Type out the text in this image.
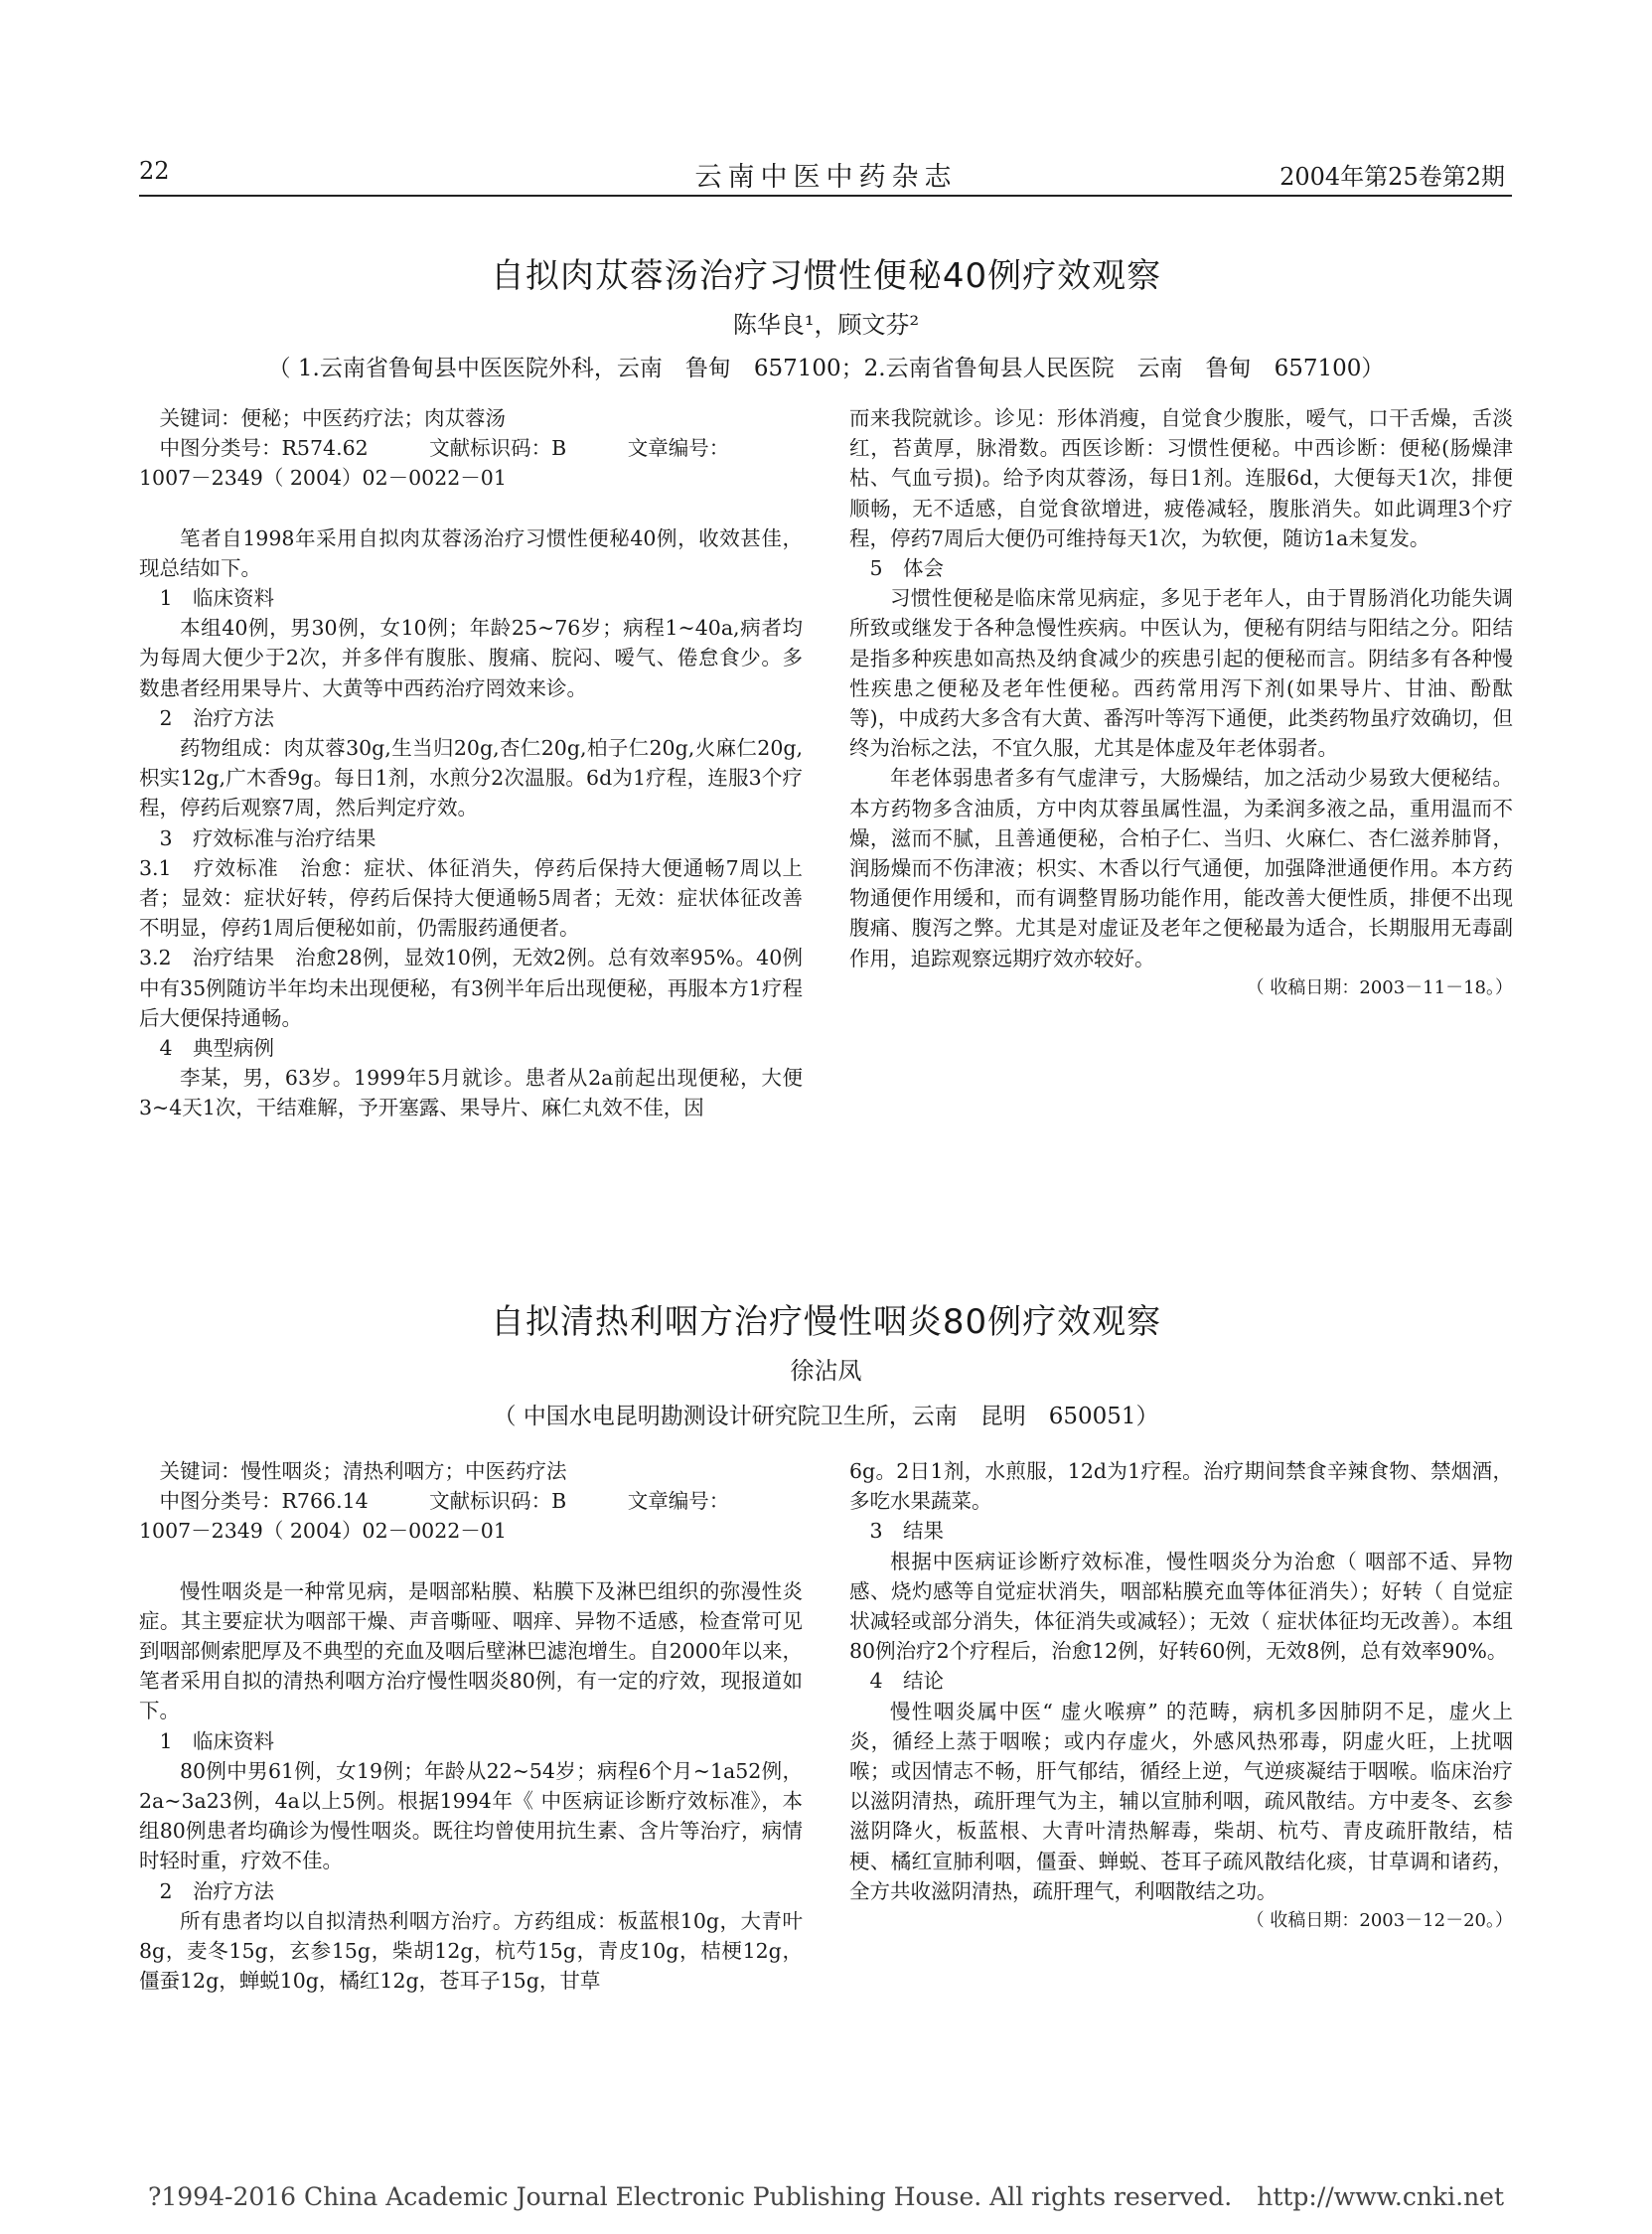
22	云南中医中药杂志	2004年第25卷第2期
自拟肉苁蓉汤治疗习惯性便秘40例疗效观察
陈华良¹，顾文芬²
（ 1.云南省鲁甸县中医医院外科，云南　鲁甸　657100；2.云南省鲁甸县人民医院　云南　鲁甸　657100）

关键词：便秘；中医药疗法；肉苁蓉汤

中图分类号：R574.62　　　文献标识码：B　　　文章编号：

1007－2349（ 2004）02－0022－01

笔者自1998年采用自拟肉苁蓉汤治疗习惯性便秘40例，收效甚佳，现总结如下。

1　临床资料

本组40例，男30例，女10例；年龄25~76岁；病程1~40a,病者均为每周大便少于2次，并多伴有腹胀、腹痛、脘闷、嗳气、倦怠食少。多数患者经用果导片、大黄等中西药治疗罔效来诊。

2　治疗方法

药物组成：肉苁蓉30g,生当归20g,杏仁20g,柏子仁20g,火麻仁20g,枳实12g,广木香9g。每日1剂，水煎分2次温服。6d为1疗程，连服3个疗程，停药后观察7周，然后判定疗效。

3　疗效标准与治疗结果

3.1　疗效标准　治愈：症状、体征消失，停药后保持大便通畅7周以上者；显效：症状好转，停药后保持大便通畅5周者；无效：症状体征改善不明显，停药1周后便秘如前，仍需服药通便者。

3.2　治疗结果　治愈28例，显效10例，无效2例。总有效率95%。40例中有35例随访半年均未出现便秘，有3例半年后出现便秘，再服本方1疗程后大便保持通畅。

4　典型病例

李某，男，63岁。1999年5月就诊。患者从2a前起出现便秘，大便3~4天1次，干结难解，予开塞露、果导片、麻仁丸效不佳，因

而来我院就诊。诊见：形体消瘦，自觉食少腹胀，嗳气，口干舌燥，舌淡红，苔黄厚，脉滑数。西医诊断：习惯性便秘。中西诊断：便秘(肠燥津枯、气血亏损)。给予肉苁蓉汤，每日1剂。连服6d，大便每天1次，排便顺畅，无不适感，自觉食欲增进，疲倦减轻，腹胀消失。如此调理3个疗程，停药7周后大便仍可维持每天1次，为软便，随访1a未复发。

5　体会

习惯性便秘是临床常见病症，多见于老年人，由于胃肠消化功能失调所致或继发于各种急慢性疾病。中医认为，便秘有阴结与阳结之分。阳结是指多种疾患如高热及纳食减少的疾患引起的便秘而言。阴结多有各种慢性疾患之便秘及老年性便秘。西药常用泻下剂(如果导片、甘油、酚酞等)，中成药大多含有大黄、番泻叶等泻下通便，此类药物虽疗效确切，但终为治标之法，不宜久服，尤其是体虚及年老体弱者。

年老体弱患者多有气虚津亏，大肠燥结，加之活动少易致大便秘结。本方药物多含油质，方中肉苁蓉虽属性温，为柔润多液之品，重用温而不燥，滋而不腻，且善通便秘，合柏子仁、当归、火麻仁、杏仁滋养肺肾，润肠燥而不伤津液；枳实、木香以行气通便，加强降泄通便作用。本方药物通便作用缓和，而有调整胃肠功能作用，能改善大便性质，排便不出现腹痛、腹泻之弊。尤其是对虚证及老年之便秘最为适合，长期服用无毒副作用，追踪观察远期疗效亦较好。

（ 收稿日期：2003－11－18。）

自拟清热利咽方治疗慢性咽炎80例疗效观察
徐沾凤
（ 中国水电昆明勘测设计研究院卫生所，云南　昆明　650051）

关键词：慢性咽炎；清热利咽方；中医药疗法

中图分类号：R766.14　　　文献标识码：B　　　文章编号：

1007－2349（ 2004）02－0022－01

慢性咽炎是一种常见病，是咽部粘膜、粘膜下及淋巴组织的弥漫性炎症。其主要症状为咽部干燥、声音嘶哑、咽痒、异物不适感，检查常可见到咽部侧索肥厚及不典型的充血及咽后壁淋巴滤泡增生。自2000年以来，笔者采用自拟的清热利咽方治疗慢性咽炎80例，有一定的疗效，现报道如下。

1　临床资料

80例中男61例，女19例；年龄从22~54岁；病程6个月~1a52例，2a~3a23例，4a以上5例。根据1994年《 中医病证诊断疗效标准》，本组80例患者均确诊为慢性咽炎。既往均曾使用抗生素、含片等治疗，病情时轻时重，疗效不佳。

2　治疗方法

所有患者均以自拟清热利咽方治疗。方药组成：板蓝根10g，大青叶8g，麦冬15g，玄参15g，柴胡12g，杭芍15g，青皮10g，桔梗12g，僵蚕12g，蝉蜕10g，橘红12g，苍耳子15g，甘草

6g。2日1剂，水煎服，12d为1疗程。治疗期间禁食辛辣食物、禁烟酒，多吃水果蔬菜。

3　结果

根据中医病证诊断疗效标准，慢性咽炎分为治愈（ 咽部不适、异物感、烧灼感等自觉症状消失，咽部粘膜充血等体征消失）；好转（ 自觉症状减轻或部分消失，体征消失或减轻）；无效（ 症状体征均无改善）。本组80例治疗2个疗程后，治愈12例，好转60例，无效8例，总有效率90%。

4　结论

慢性咽炎属中医“ 虚火喉痹” 的范畴，病机多因肺阴不足，虚火上炎，循经上蒸于咽喉；或内存虚火，外感风热邪毒，阴虚火旺，上扰咽喉；或因情志不畅，肝气郁结，循经上逆，气逆痰凝结于咽喉。临床治疗以滋阴清热，疏肝理气为主，辅以宣肺利咽，疏风散结。方中麦冬、玄参滋阴降火，板蓝根、大青叶清热解毒，柴胡、杭芍、青皮疏肝散结，桔梗、橘红宣肺利咽，僵蚕、蝉蜕、苍耳子疏风散结化痰，甘草调和诸药，全方共收滋阴清热，疏肝理气，利咽散结之功。

（ 收稿日期：2003－12－20。）

?1994-2016 China Academic Journal Electronic Publishing House. All rights reserved.　http://www.cnki.net
